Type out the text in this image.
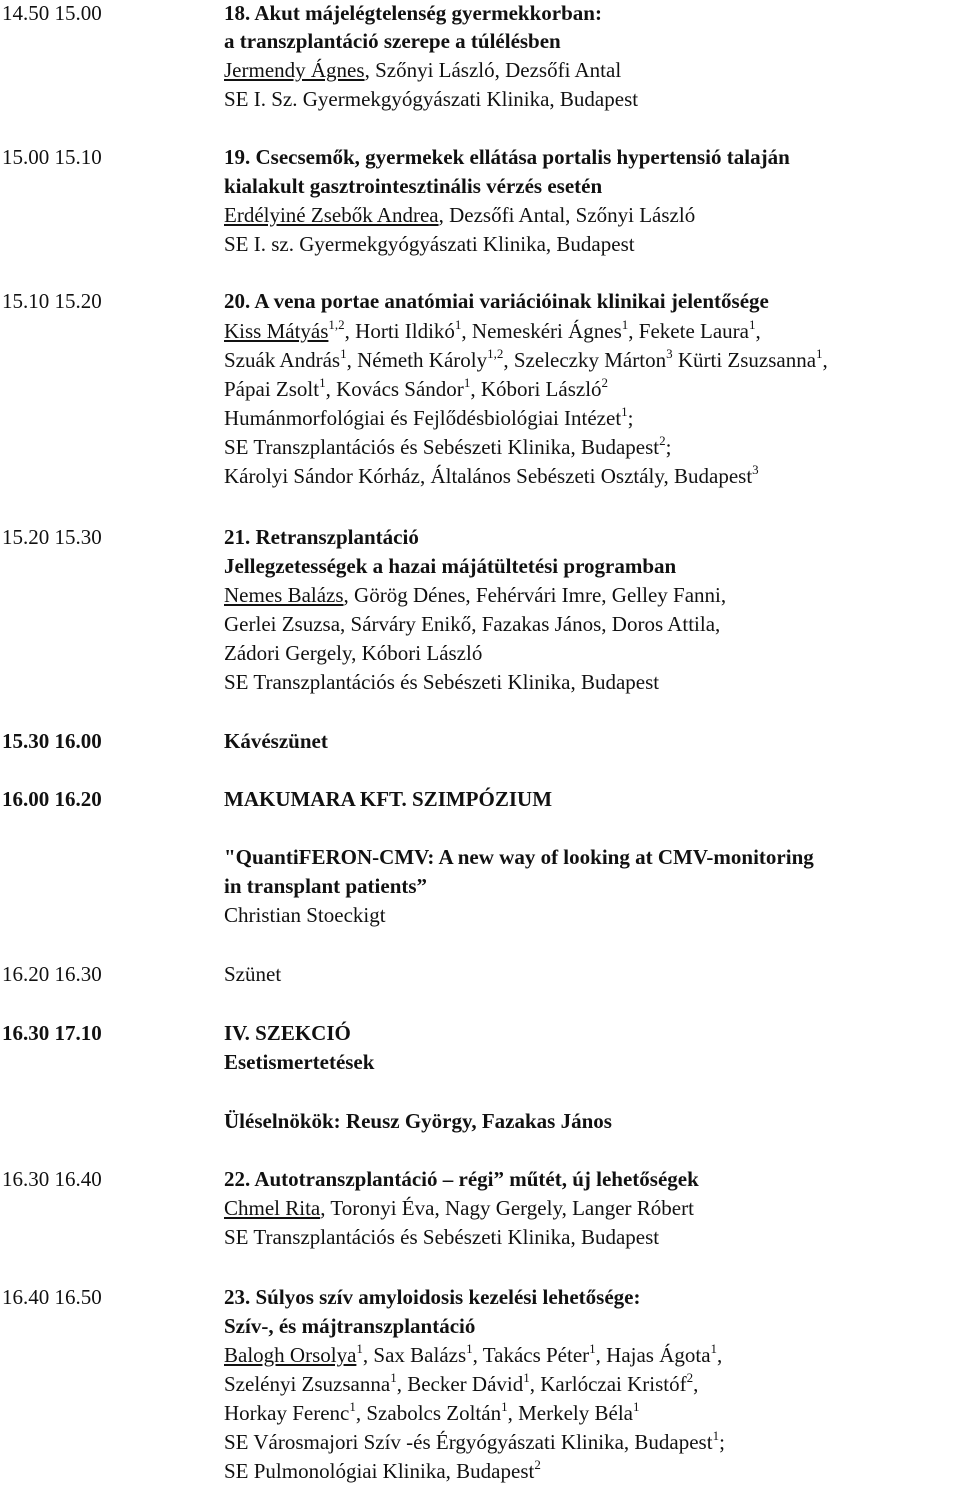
14.50 15.00	18. Akut májelégtelenség gyermekkorban:
a transzplantáció szerepe a túlélésben
Jermendy Ágnes, Szőnyi László, Dezsőfi Antal
SE I. Sz. Gyermekgyógyászati Klinika, Budapest
15.00 15.10	19. Csecsemők, gyermekek ellátása portalis hypertensió talaján
kialakult gasztrointesztinális vérzés esetén
Erdélyiné Zsebők Andrea, Dezsőfi Antal, Szőnyi László
SE I. sz. Gyermekgyógyászati Klinika, Budapest
15.10 15.20	20. A vena portae anatómiai variációinak klinikai jelentősége
Kiss Mátyás$^{1,2}$, Horti Ildikó$^1$, Nemeskéri Ágnes$^1$, Fekete Laura$^1$,
Szuák András$^1$, Németh Károly$^{1,2}$, Szeleczky Márton$^3$ Kürti Zsuzsanna$^1$,
Pápai Zsolt$^1$, Kovács Sándor$^1$, Kóbori László$^2$
Humánmorfológiai és Fejlődésbiológiai Intézet$^1$;
SE Transzplantációs és Sebészeti Klinika, Budapest$^2$;
Károlyi Sándor Kórház, Általános Sebészeti Osztály, Budapest$^3$
15.20 15.30	21. Retranszplantáció
Jellegzetességek a hazai májátültetési programban
Nemes Balázs, Görög Dénes, Fehérvári Imre, Gelley Fanni,
Gerlei Zsuzsa, Sárváry Enikő, Fazakas János, Doros Attila,
Zádori Gergely, Kóbori László
SE Transzplantációs és Sebészeti Klinika, Budapest
15.30 16.00	Kávészünet
16.00 16.20	MAKUMARA KFT. SZIMPÓZIUM
"QuantiFERON-CMV: A new way of looking at CMV-monitoring
in transplant patients”
Christian Stoeckigt
16.20 16.30	Szünet
16.30 17.10	IV. SZEKCIÓ
Esetismertetések
Üléselnökök: Reusz György, Fazakas János
16.30 16.40	22. Autotranszplantáció – régi” műtét, új lehetőségek
Chmel Rita, Toronyi Éva, Nagy Gergely, Langer Róbert
SE Transzplantációs és Sebészeti Klinika, Budapest
16.40 16.50	23. Súlyos szív amyloidosis kezelési lehetősége:
Szív-, és májtranszplantáció
Balogh Orsolya$^1$, Sax Balázs$^1$, Takács Péter$^1$, Hajas Ágota$^1$,
Szelényi Zsuzsanna$^1$, Becker Dávid$^1$, Karlóczai Kristóf$^2$,
Horkay Ferenc$^1$, Szabolcs Zoltán$^1$, Merkely Béla$^1$
SE Városmajori Szív -és Érgyógyászati Klinika, Budapest$^1$;
SE Pulmonológiai Klinika, Budapest$^2$
